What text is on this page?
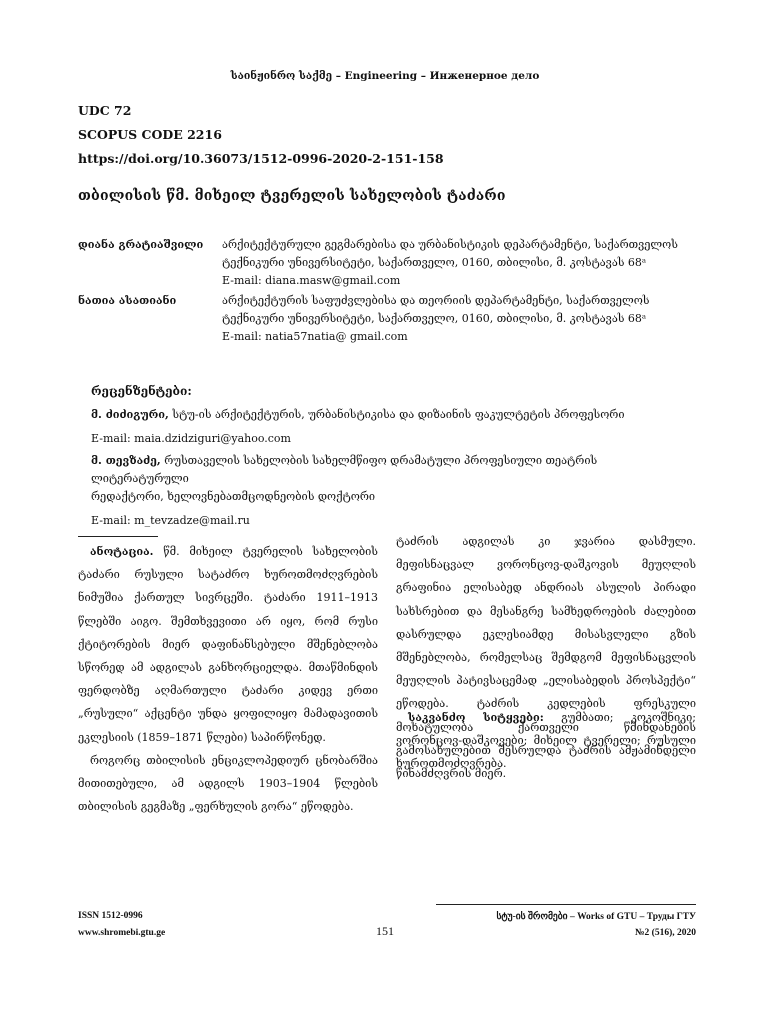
საინჟინრო საქმე – Engineering – Инженерное дело
UDC 72
SCOPUS CODE 2216
https://doi.org/10.36073/1512-0996-2020-2-151-158
თბილისის წმ. მიხეილ ტვერელის სახელობის ტაძარი
დიანა გრატიაშვილი არქიტექტურული გეგმარებისა და ურბანისტიკის დეპარტამენტი, საქართველოს
ტექნიკური უნივერსიტეტი, საქართველო, 0160, თბილისი, მ. კოსტავას 68ᵃ
E-mail: diana.masw@gmail.com
ნათია ასათიანი	არქიტექტურის საფუძვლებისა და თეორიის დეპარტამენტი, საქართველოს
ტექნიკური უნივერსიტეტი, საქართველო, 0160, თბილისი, მ. კოსტავას 68ᵃ
E-mail: natia57natia@ gmail.com
რეცენზენტები:
მ. ძიძიგური, სტუ-ის არქიტექტურის, ურბანისტიკისა და დიზაინის ფაკულტეტის პროფესორი
E-mail: maia.dzidziguri@yahoo.com
მ. თევზაძე, რუსთაველის სახელობის სახელმწიფო დრამატული პროფესიული თეატრის ლიტერატურული
რედაქტორი, ხელოვნებათმცოდნეობის დოქტორი
E-mail: m_tevzadze@mail.ru

ანოტაცია. წმ. მიხეილ ტვერელის სახელობის ტაძარი რუსული სატაძრო ხუროთმოძღვრების ნიმუშია ქართულ სივრცეში. ტაძარი 1911–1913 წლებში აიგო. შემთხვევითი არ იყო, რომ რუსი ქტიტორების მიერ დაფინანსებული მშენებლობა სწორედ ამ ადგილას განხორციელდა. მთაწმინდის ფერდობზე აღმართული ტაძარი კიდევ ერთი „რუსული“ აქცენტი უნდა ყოფილიყო მამადავითის ეკლესიის (1859–1871 წლები) საპირწონედ.

როგორც თბილისის ენციკლოპედიურ ცნობარშია მითითებული, ამ ადგილს 1903–1904 წლების თბილისის გეგმაზე „ფერხულის გორა“ ეწოდება.

ტაძრის ადგილას კი ჯვარია დასმული. მეფისნაცვალ ვორონცოვ-დაშკოვის მეუღლის გრაფინია ელისაბედ ანდრიას ასულის პირადი სახსრებით და მესანგრე სამხედროების ძალებით დასრულდა ეკლესიამდე მისასვლელი გზის მშენებლობა, რომელსაც შემდგომ მეფისნაცვლის მეუღლის პატივსაცემად „ელისაბედის პროსპექტი“ ეწოდება. ტაძრის კედლების ფრესკული მოხატულობა ქართველი წმინდანების გამოსახულებით შესრულდა ტაძრის ამჟამინდელი წინამძღვრის მიერ.

საკვანძო სიტყვები: გუმბათი; კოკოშნიკი; ვორონცოვ-დაშკოვები; მიხეილ ტვერელი; რუსული ხუროთმოძღვრება.

ISSN 1512-0996
www.shromebi.gtu.ge	151
სტუ-ის შრომები – Works of GTU – Труды ГТУ
№2 (516), 2020
